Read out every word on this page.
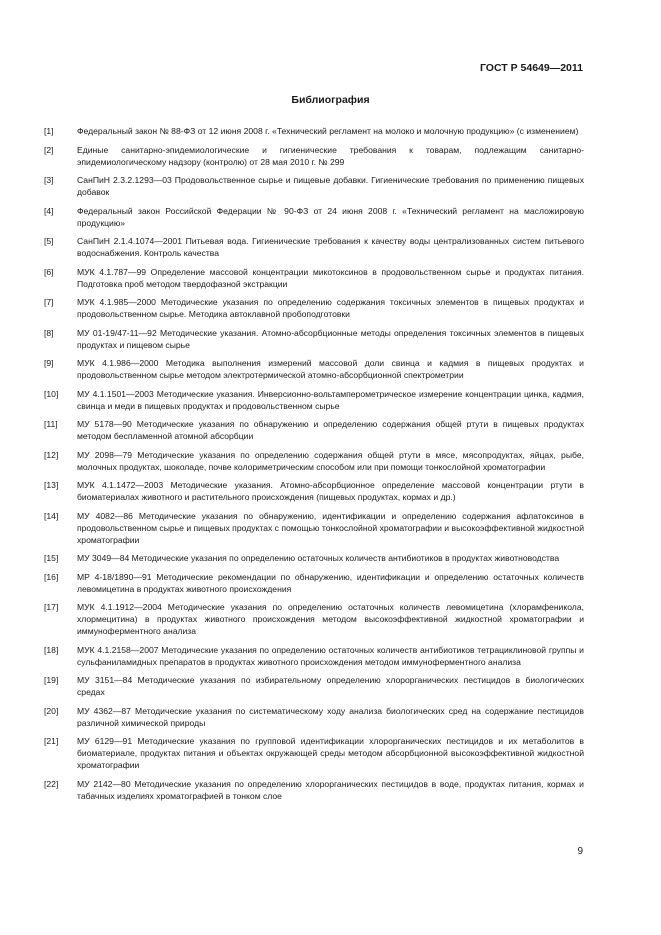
ГОСТ Р 54649—2011
Библиография
[1]	Федеральный закон № 88-ФЗ от 12 июня 2008 г. «Технический регламент на молоко и молочную продукцию» (с изменением)
[2]	Единые санитарно-эпидемиологические и гигиенические требования к товарам, подлежащим санитарно-эпидемиологическому надзору (контролю) от 28 мая 2010 г. № 299
[3]	СанПиН 2.3.2.1293—03 Продовольственное сырье и пищевые добавки. Гигиенические требования по применению пищевых добавок
[4]	Федеральный закон Российской Федерации № 90-ФЗ от 24 июня 2008 г. «Технический регламент на масложировую продукцию»
[5]	СанПиН 2.1.4.1074—2001 Питьевая вода. Гигиенические требования к качеству воды централизованных систем питьевого водоснабжения. Контроль качества
[6]	МУК 4.1.787—99 Определение массовой концентрации микотоксинов в продовольственном сырье и продуктах питания. Подготовка проб методом твердофазной экстракции
[7]	МУК 4.1.985—2000 Методические указания по определению содержания токсичных элементов в пищевых продуктах и продовольственном сырье. Методика автоклавной пробоподготовки
[8]	МУ 01-19/47-11—92 Методические указания. Атомно-абсорбционные методы определения токсичных элементов в пищевых продуктах и пищевом сырье
[9]	МУК 4.1.986—2000 Методика выполнения измерений массовой доли свинца и кадмия в пищевых продуктах и продовольственном сырье методом электротермической атомно-абсорбционной спектрометрии
[10]	МУ 4.1.1501—2003 Методические указания. Инверсионно-вольтамперометрическое измерение концентрации цинка, кадмия, свинца и меди в пищевых продуктах и продовольственном сырье
[11]	МУ 5178—90 Методические указания по обнаружению и определению содержания общей ртути в пищевых продуктах методом беспламенной атомной абсорбции
[12]	МУ 2098—79 Методические указания по определению содержания общей ртути в мясе, мясопродуктах, яйцах, рыбе, молочных продуктах, шоколаде, почве колориметрическим способом или при помощи тонкослойной хроматографии
[13]	МУК 4.1.1472—2003 Методические указания. Атомно-абсорбционное определение массовой концентрации ртути в биоматериалах животного и растительного происхождения (пищевых продуктах, кормах и др.)
[14]	МУ 4082—86 Методические указания по обнаружению, идентификации и определению содержания афлатоксинов в продовольственном сырье и пищевых продуктах с помощью тонкослойной хроматографии и высокоэффективной жидкостной хроматографии
[15]	МУ 3049—84 Методические указания по определению остаточных количеств антибиотиков в продуктах животноводства
[16]	МР 4-18/1890—91 Методические рекомендации по обнаружению, идентификации и определению остаточных количеств левомицетина в продуктах животного происхождения
[17]	МУК 4.1.1912—2004 Методические указания по определению остаточных количеств левомицетина (хлорамфеникола, хлормецитина) в продуктах животного происхождения методом высокоэффективной жидкостной хроматографии и иммуноферментного анализа
[18]	МУК 4.1.2158—2007 Методические указания по определению остаточных количеств антибиотиков тетрациклиновой группы и сульфаниламидных препаратов в продуктах животного происхождения методом иммуноферментного анализа
[19]	МУ 3151—84 Методические указания по избирательному определению хлорорганических пестицидов в биологических средах
[20]	МУ 4362—87 Методические указания по систематическому ходу анализа биологических сред на содержание пестицидов различной химической природы
[21]	МУ 6129—91 Методические указания по групповой идентификации хлорорганических пестицидов и их метаболитов в биоматериале, продуктах питания и объектах окружающей среды методом абсорбционной высокоэффективной жидкостной хроматографии
[22]	МУ 2142—80 Методические указания по определению хлорорганических пестицидов в воде, продуктах питания, кормах и табачных изделиях хроматографией в тонком слое
9
